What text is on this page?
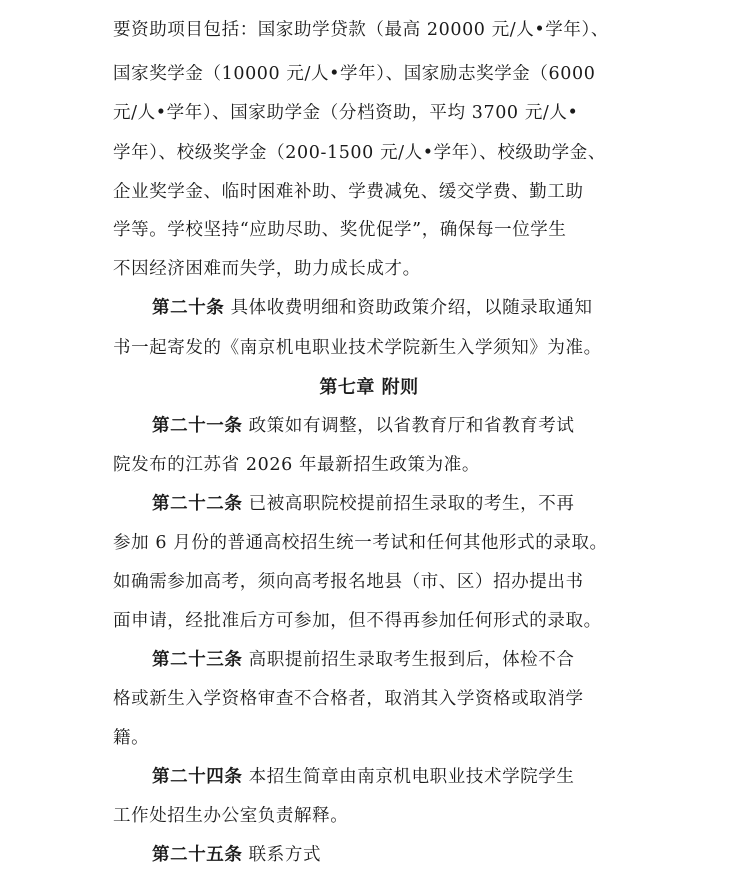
要资助项目包括：国家助学贷款（最高 20000 元/人•学年）、
国家奖学金（10000 元/人•学年）、国家励志奖学金（6000
元/人•学年）、国家助学金（分档资助，平均 3700 元/人•
学年）、校级奖学金（200-1500 元/人•学年）、校级助学金、
企业奖学金、临时困难补助、学费减免、缓交学费、勤工助
学等。学校坚持“应助尽助、奖优促学”，确保每一位学生
不因经济困难而失学，助力成长成才。
第二十条 具体收费明细和资助政策介绍，以随录取通知
书一起寄发的《南京机电职业技术学院新生入学须知》为准。
第七章 附则
第二十一条 政策如有调整，以省教育厅和省教育考试
院发布的江苏省 2026 年最新招生政策为准。
第二十二条 已被高职院校提前招生录取的考生，不再
参加 6 月份的普通高校招生统一考试和任何其他形式的录取。
如确需参加高考，须向高考报名地县（市、区）招办提出书
面申请，经批准后方可参加，但不得再参加任何形式的录取。
第二十三条 高职提前招生录取考生报到后，体检不合
格或新生入学资格审查不合格者，取消其入学资格或取消学
籍。
第二十四条 本招生简章由南京机电职业技术学院学生
工作处招生办公室负责解释。
第二十五条 联系方式
